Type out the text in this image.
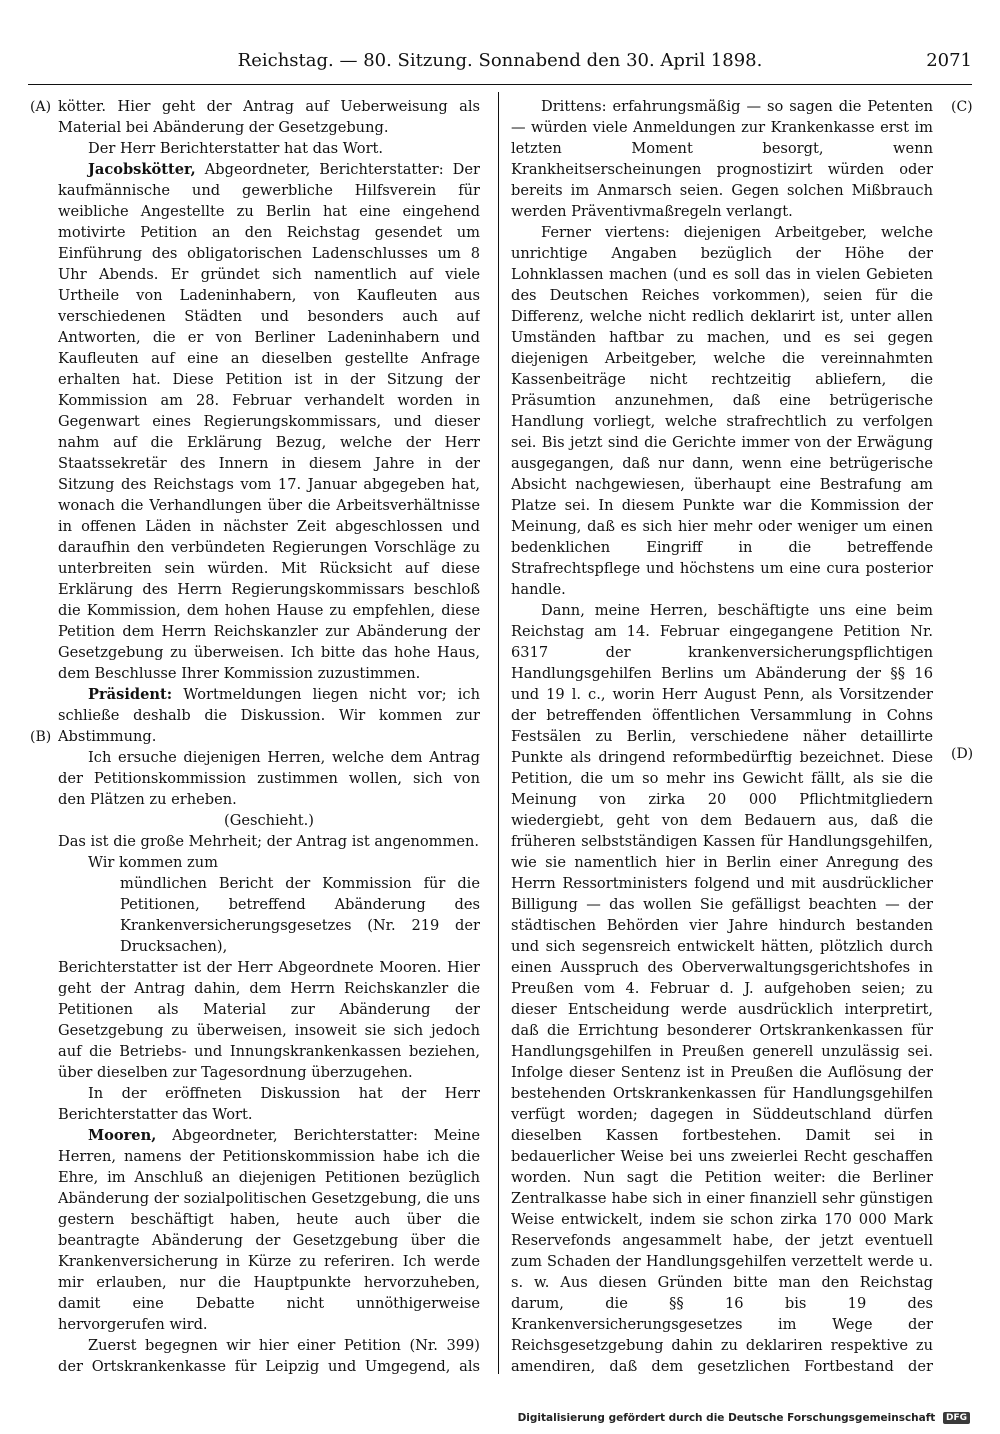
Reichstag. — 80. Sitzung. Sonnabend den 30. April 1898.	2071
(A)
(B)
(C)
(D)

kötter. Hier geht der Antrag auf Ueberweisung als Material bei Abänderung der Gesetzgebung.

Der Herr Berichterstatter hat das Wort.

Jacobskötter, Abgeordneter, Berichterstatter: Der kaufmännische und gewerbliche Hilfsverein für weibliche Angestellte zu Berlin hat eine eingehend motivirte Petition an den Reichstag gesendet um Einführung des obligatorischen Ladenschlusses um 8 Uhr Abends. Er gründet sich namentlich auf viele Urtheile von Ladeninhabern, von Kaufleuten aus verschiedenen Städten und besonders auch auf Antworten, die er von Berliner Ladeninhabern und Kaufleuten auf eine an dieselben gestellte Anfrage erhalten hat. Diese Petition ist in der Sitzung der Kommission am 28. Februar verhandelt worden in Gegenwart eines Regierungskommissars, und dieser nahm auf die Erklärung Bezug, welche der Herr Staatssekretär des Innern in diesem Jahre in der Sitzung des Reichstags vom 17. Januar abgegeben hat, wonach die Verhandlungen über die Arbeitsverhältnisse in offenen Läden in nächster Zeit abgeschlossen und daraufhin den verbündeten Regierungen Vorschläge zu unterbreiten sein würden. Mit Rücksicht auf diese Erklärung des Herrn Regierungskommissars beschloß die Kommission, dem hohen Hause zu empfehlen, diese Petition dem Herrn Reichskanzler zur Abänderung der Gesetzgebung zu überweisen. Ich bitte das hohe Haus, dem Beschlusse Ihrer Kommission zuzustimmen.

Präsident: Wortmeldungen liegen nicht vor; ich schließe deshalb die Diskussion. Wir kommen zur Abstimmung.

Ich ersuche diejenigen Herren, welche dem Antrag der Petitionskommission zustimmen wollen, sich von den Plätzen zu erheben.

(Geschieht.)

Das ist die große Mehrheit; der Antrag ist angenommen.

Wir kommen zum

mündlichen Bericht der Kommission für die Petitionen, betreffend Abänderung des Krankenversicherungsgesetzes (Nr. 219 der Drucksachen),

Berichterstatter ist der Herr Abgeordnete Mooren. Hier geht der Antrag dahin, dem Herrn Reichskanzler die Petitionen als Material zur Abänderung der Gesetzgebung zu überweisen, insoweit sie sich jedoch auf die Betriebs- und Innungskrankenkassen beziehen, über dieselben zur Tagesordnung überzugehen.

In der eröffneten Diskussion hat der Herr Berichterstatter das Wort.

Mooren, Abgeordneter, Berichterstatter: Meine Herren, namens der Petitionskommission habe ich die Ehre, im Anschluß an diejenigen Petitionen bezüglich Abänderung der sozialpolitischen Gesetzgebung, die uns gestern beschäftigt haben, heute auch über die beantragte Abänderung der Gesetzgebung über die Krankenversicherung in Kürze zu referiren. Ich werde mir erlauben, nur die Hauptpunkte hervorzuheben, damit eine Debatte nicht unnöthigerweise hervorgerufen wird.

Zuerst begegnen wir hier einer Petition (Nr. 399) der Ortskrankenkasse für Leipzig und Umgegend, als

Drittens: erfahrungsmäßig — so sagen die Petenten — würden viele Anmeldungen zur Krankenkasse erst im letzten Moment besorgt, wenn Krankheitserscheinungen prognostizirt würden oder bereits im Anmarsch seien. Gegen solchen Mißbrauch werden Präventivmaßregeln verlangt.

Ferner viertens: diejenigen Arbeitgeber, welche unrichtige Angaben bezüglich der Höhe der Lohnklassen machen (und es soll das in vielen Gebieten des Deutschen Reiches vorkommen), seien für die Differenz, welche nicht redlich deklarirt ist, unter allen Umständen haftbar zu machen, und es sei gegen diejenigen Arbeitgeber, welche die vereinnahmten Kassenbeiträge nicht rechtzeitig abliefern, die Präsumtion anzunehmen, daß eine betrügerische Handlung vorliegt, welche strafrechtlich zu verfolgen sei. Bis jetzt sind die Gerichte immer von der Erwägung ausgegangen, daß nur dann, wenn eine betrügerische Absicht nachgewiesen, überhaupt eine Bestrafung am Platze sei. In diesem Punkte war die Kommission der Meinung, daß es sich hier mehr oder weniger um einen bedenklichen Eingriff in die betreffende Strafrechtspflege und höchstens um eine cura posterior handle.

Dann, meine Herren, beschäftigte uns eine beim Reichstag am 14. Februar eingegangene Petition Nr. 6317 der krankenversicherungspflichtigen Handlungsgehilfen Berlins um Abänderung der §§ 16 und 19 l. c., worin Herr August Penn, als Vorsitzender der betreffenden öffentlichen Versammlung in Cohns Festsälen zu Berlin, verschiedene näher detaillirte Punkte als dringend reformbedürftig bezeichnet. Diese Petition, die um so mehr ins Gewicht fällt, als sie die Meinung von zirka 20 000 Pflichtmitgliedern wiedergiebt, geht von dem Bedauern aus, daß die früheren selbstständigen Kassen für Handlungsgehilfen, wie sie namentlich hier in Berlin einer Anregung des Herrn Ressortministers folgend und mit ausdrücklicher Billigung — das wollen Sie gefälligst beachten — der städtischen Behörden vier Jahre hindurch bestanden und sich segensreich entwickelt hätten, plötzlich durch einen Ausspruch des Oberverwaltungsgerichtshofes in Preußen vom 4. Februar d. J. aufgehoben seien; zu dieser Entscheidung werde ausdrücklich interpretirt, daß die Errichtung besonderer Ortskrankenkassen für Handlungsgehilfen in Preußen generell unzulässig sei. Infolge dieser Sentenz ist in Preußen die Auflösung der bestehenden Ortskrankenkassen für Handlungsgehilfen verfügt worden; dagegen in Süddeutschland dürfen dieselben Kassen fortbestehen. Damit sei in bedauerlicher Weise bei uns zweierlei Recht geschaffen worden. Nun sagt die Petition weiter: die Berliner Zentralkasse habe sich in einer finanziell sehr günstigen Weise entwickelt, indem sie schon zirka 170 000 Mark Reservefonds angesammelt habe, der jetzt eventuell zum Schaden der Handlungsgehilfen verzettelt werde u. s. w. Aus diesen Gründen bitte man den Reichstag darum, die §§ 16 bis 19 des Krankenversicherungsgesetzes im Wege der Reichsgesetzgebung dahin zu deklariren respektive zu amendiren, daß dem gesetzlichen Fortbestand der

Digitalisierung gefördert durch die Deutsche Forschungsgemeinschaft DFG
